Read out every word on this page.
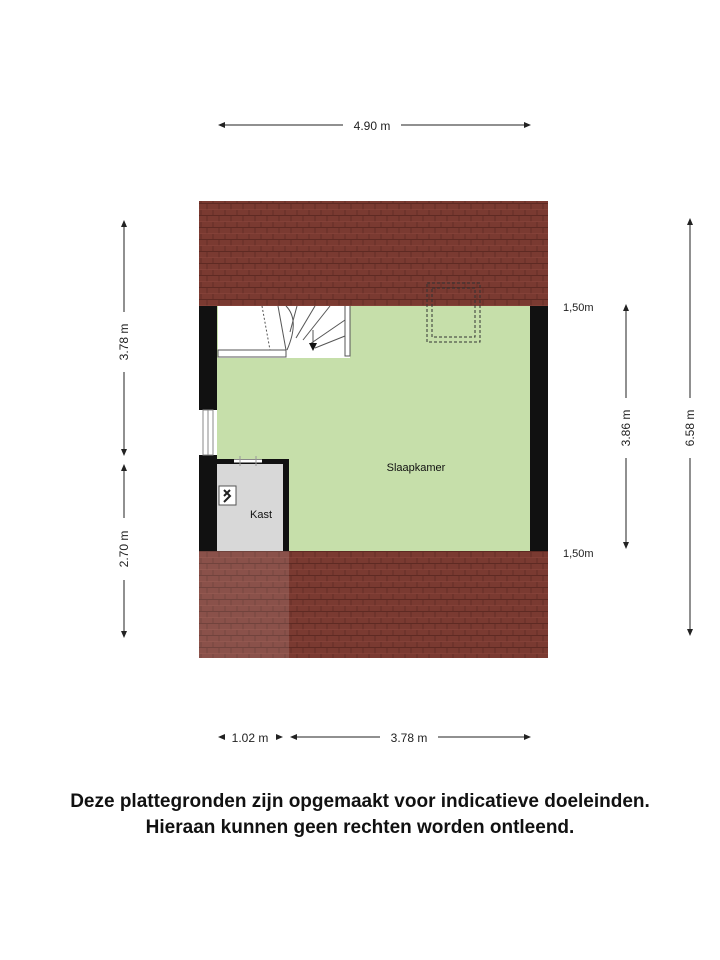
Slaapkamer
Kast
4.90 m
3.78 m
2.70 m
3.86 m	6.58 m
1.02 m	3.78 m
1,50m
1,50m
Deze plattegronden zijn opgemaakt voor indicatieve doeleinden.
Hieraan kunnen geen rechten worden ontleend.
